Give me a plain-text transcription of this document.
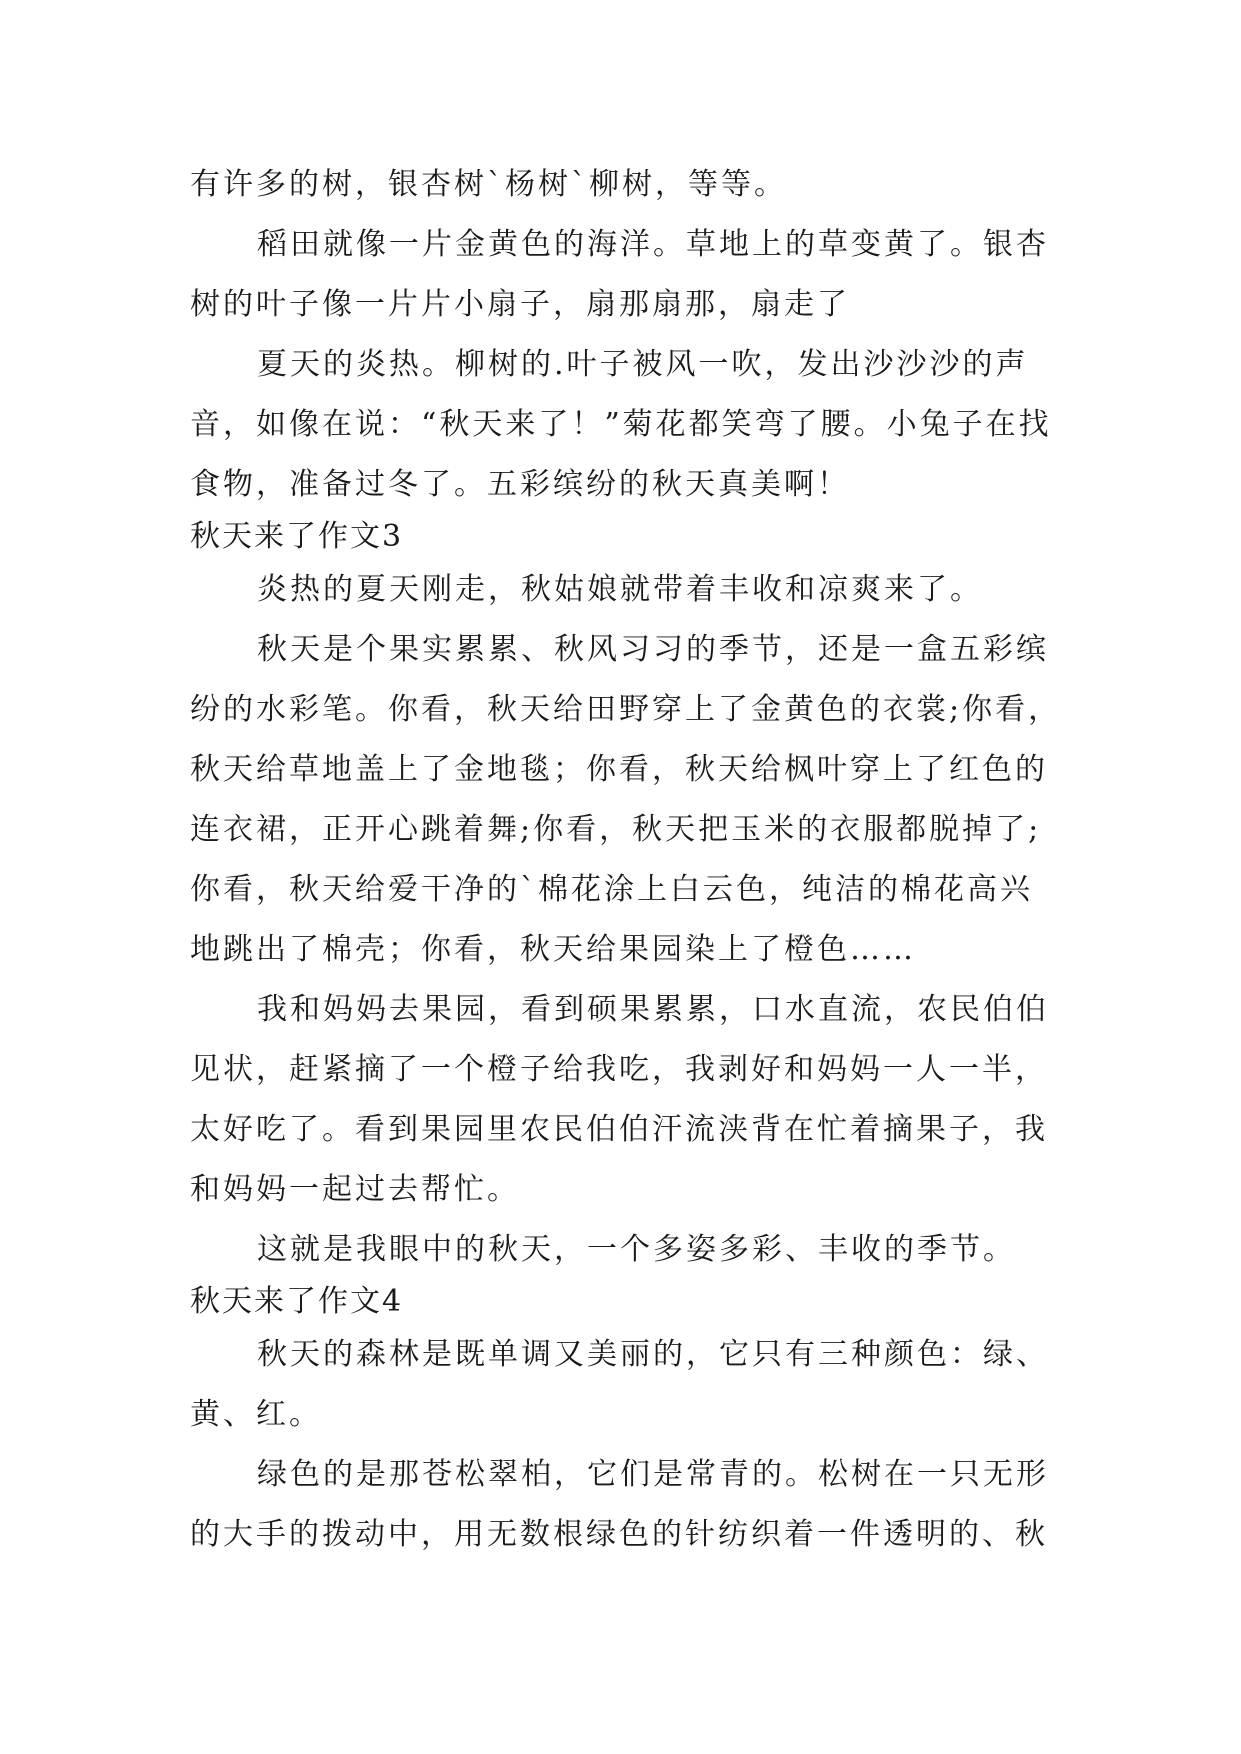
有许多的树，银杏树`杨树`柳树，等等。
稻田就像一片金黄色的海洋。草地上的草变黄了。银杏
树的叶子像一片片小扇子，扇那扇那，扇走了
夏天的炎热。柳树的.叶子被风一吹，发出沙沙沙的声
音，如像在说：“秋天来了！”菊花都笑弯了腰。小兔子在找
食物，准备过冬了。五彩缤纷的秋天真美啊！
秋天来了作文3
炎热的夏天刚走，秋姑娘就带着丰收和凉爽来了。
秋天是个果实累累、秋风习习的季节，还是一盒五彩缤
纷的水彩笔。你看，秋天给田野穿上了金黄色的衣裳;你看，
秋天给草地盖上了金地毯；你看，秋天给枫叶穿上了红色的
连衣裙，正开心跳着舞;你看，秋天把玉米的衣服都脱掉了;
你看，秋天给爱干净的`棉花涂上白云色，纯洁的棉花高兴
地跳出了棉壳；你看，秋天给果园染上了橙色……
我和妈妈去果园，看到硕果累累，口水直流，农民伯伯
见状，赶紧摘了一个橙子给我吃，我剥好和妈妈一人一半，
太好吃了。看到果园里农民伯伯汗流浃背在忙着摘果子，我
和妈妈一起过去帮忙。
这就是我眼中的秋天，一个多姿多彩、丰收的季节。
秋天来了作文4
秋天的森林是既单调又美丽的，它只有三种颜色：绿、
黄、红。
绿色的是那苍松翠柏，它们是常青的。松树在一只无形
的大手的拨动中，用无数根绿色的针纺织着一件透明的、秋
